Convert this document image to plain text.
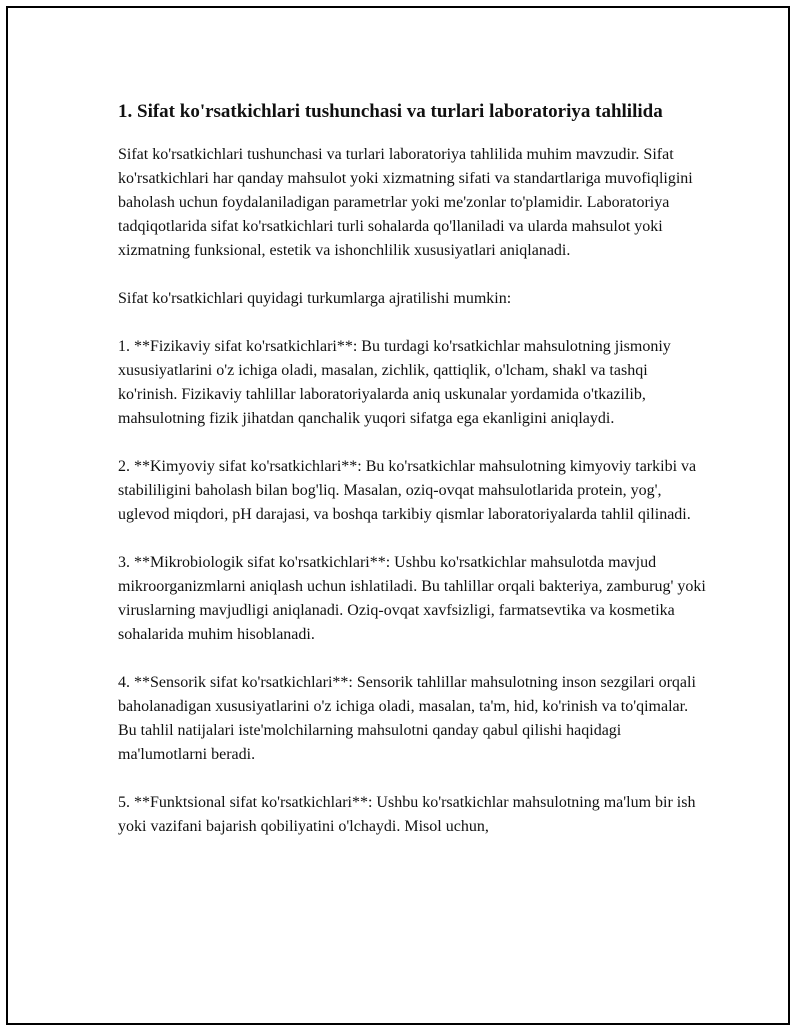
1. Sifat ko'rsatkichlari tushunchasi va turlari laboratoriya tahlilida

Sifat ko'rsatkichlari tushunchasi va turlari laboratoriya tahlilida muhim mavzudir. Sifat ko'rsatkichlari har qanday mahsulot yoki xizmatning sifati va standartlariga muvofiqligini baholash uchun foydalaniladigan parametrlar yoki me'zonlar to'plamidir. Laboratoriya tadqiqotlarida sifat ko'rsatkichlari turli sohalarda qo'llaniladi va ularda mahsulot yoki xizmatning funksional, estetik va ishonchlilik xususiyatlari aniqlanadi.

Sifat ko'rsatkichlari quyidagi turkumlarga ajratilishi mumkin:

1. **Fizikaviy sifat ko'rsatkichlari**: Bu turdagi ko'rsatkichlar mahsulotning jismoniy xususiyatlarini o'z ichiga oladi, masalan, zichlik, qattiqlik, o'lcham, shakl va tashqi ko'rinish. Fizikaviy tahlillar laboratoriyalarda aniq uskunalar yordamida o'tkazilib, mahsulotning fizik jihatdan qanchalik yuqori sifatga ega ekanligini aniqlaydi.

2. **Kimyoviy sifat ko'rsatkichlari**: Bu ko'rsatkichlar mahsulotning kimyoviy tarkibi va stabililigini baholash bilan bog'liq. Masalan, oziq-ovqat mahsulotlarida protein, yog', uglevod miqdori, pH darajasi, va boshqa tarkibiy qismlar laboratoriyalarda tahlil qilinadi.

3. **Mikrobiologik sifat ko'rsatkichlari**: Ushbu ko'rsatkichlar mahsulotda mavjud mikroorganizmlarni aniqlash uchun ishlatiladi. Bu tahlillar orqali bakteriya, zamburug' yoki viruslarning mavjudligi aniqlanadi. Oziq-ovqat xavfsizligi, farmatsevtika va kosmetika sohalarida muhim hisoblanadi.

4. **Sensorik sifat ko'rsatkichlari**: Sensorik tahlillar mahsulotning inson sezgilari orqali baholanadigan xususiyatlarini o'z ichiga oladi, masalan, ta'm, hid, ko'rinish va to'qimalar. Bu tahlil natijalari iste'molchilarning mahsulotni qanday qabul qilishi haqidagi ma'lumotlarni beradi.

5. **Funktsional sifat ko'rsatkichlari**: Ushbu ko'rsatkichlar mahsulotning ma'lum bir ish yoki vazifani bajarish qobiliyatini o'lchaydi. Misol uchun,
